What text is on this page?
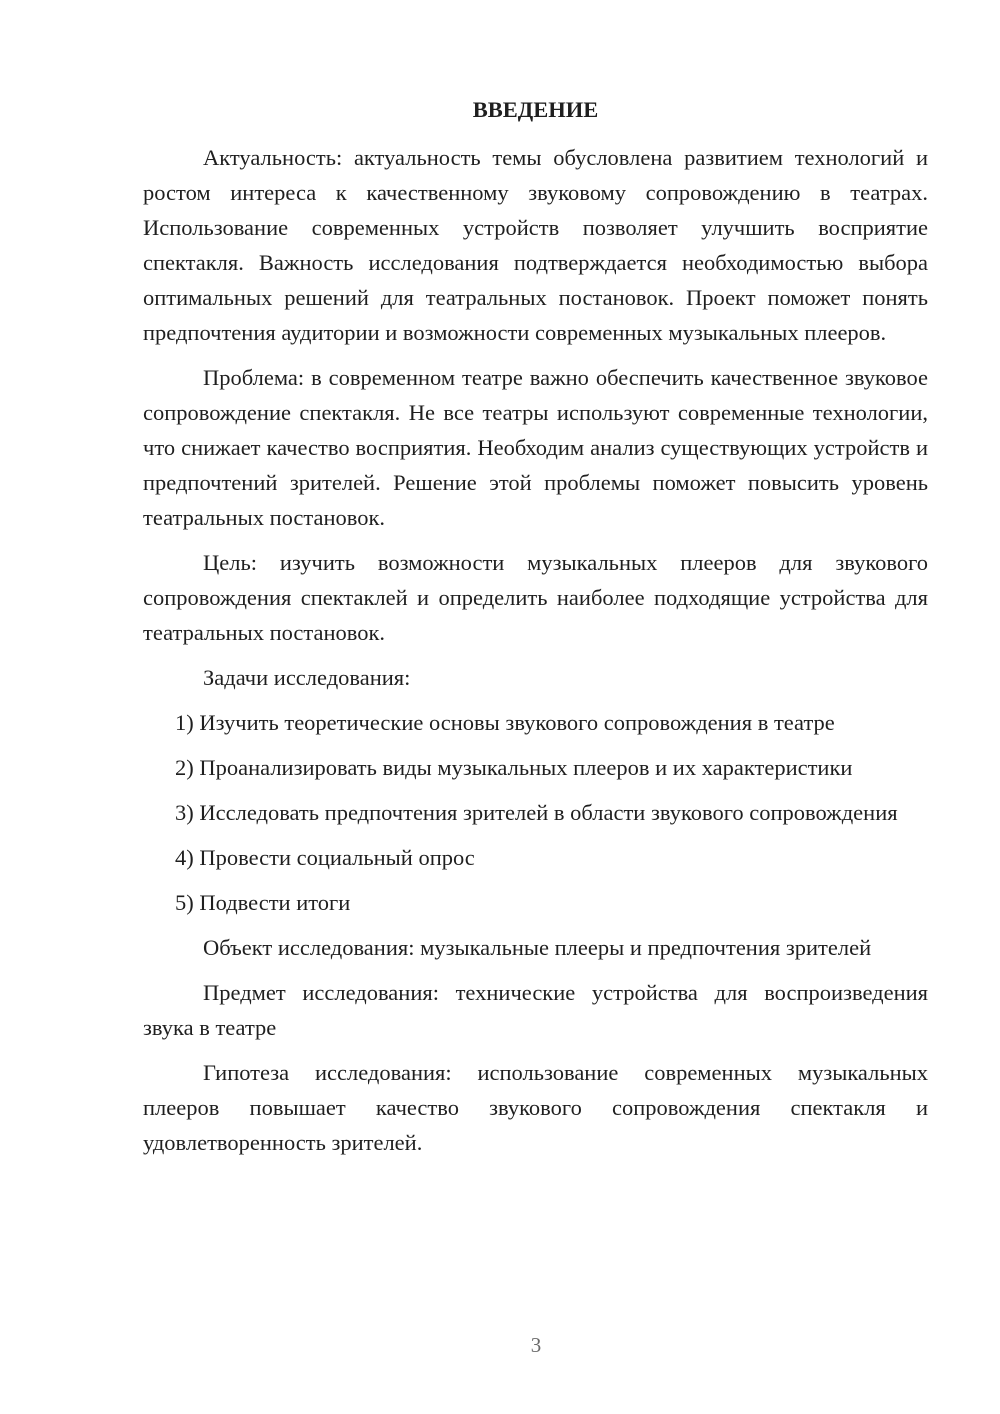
ВВЕДЕНИЕ

Актуальность: актуальность темы обусловлена развитием технологий и ростом интереса к качественному звуковому сопровождению в театрах. Использование современных устройств позволяет улучшить восприятие спектакля. Важность исследования подтверждается необходимостью выбора оптимальных решений для театральных постановок. Проект поможет понять предпочтения аудитории и возможности современных музыкальных плееров.

Проблема: в современном театре важно обеспечить качественное звуковое сопровождение спектакля. Не все театры используют современные технологии, что снижает качество восприятия. Необходим анализ существующих устройств и предпочтений зрителей. Решение этой проблемы поможет повысить уровень театральных постановок.

Цель: изучить возможности музыкальных плееров для звукового сопровождения спектаклей и определить наиболее подходящие устройства для театральных постановок.

Задачи исследования:

1) Изучить теоретические основы звукового сопровождения в театре

2) Проанализировать виды музыкальных плееров и их характеристики

3) Исследовать предпочтения зрителей в области звукового сопровождения

4) Провести социальный опрос

5) Подвести итоги

Объект исследования: музыкальные плееры и предпочтения зрителей

Предмет исследования: технические устройства для воспроизведения звука в театре

Гипотеза исследования: использование современных музыкальных плееров повышает качество звукового сопровождения спектакля и удовлетворенность зрителей.

3
